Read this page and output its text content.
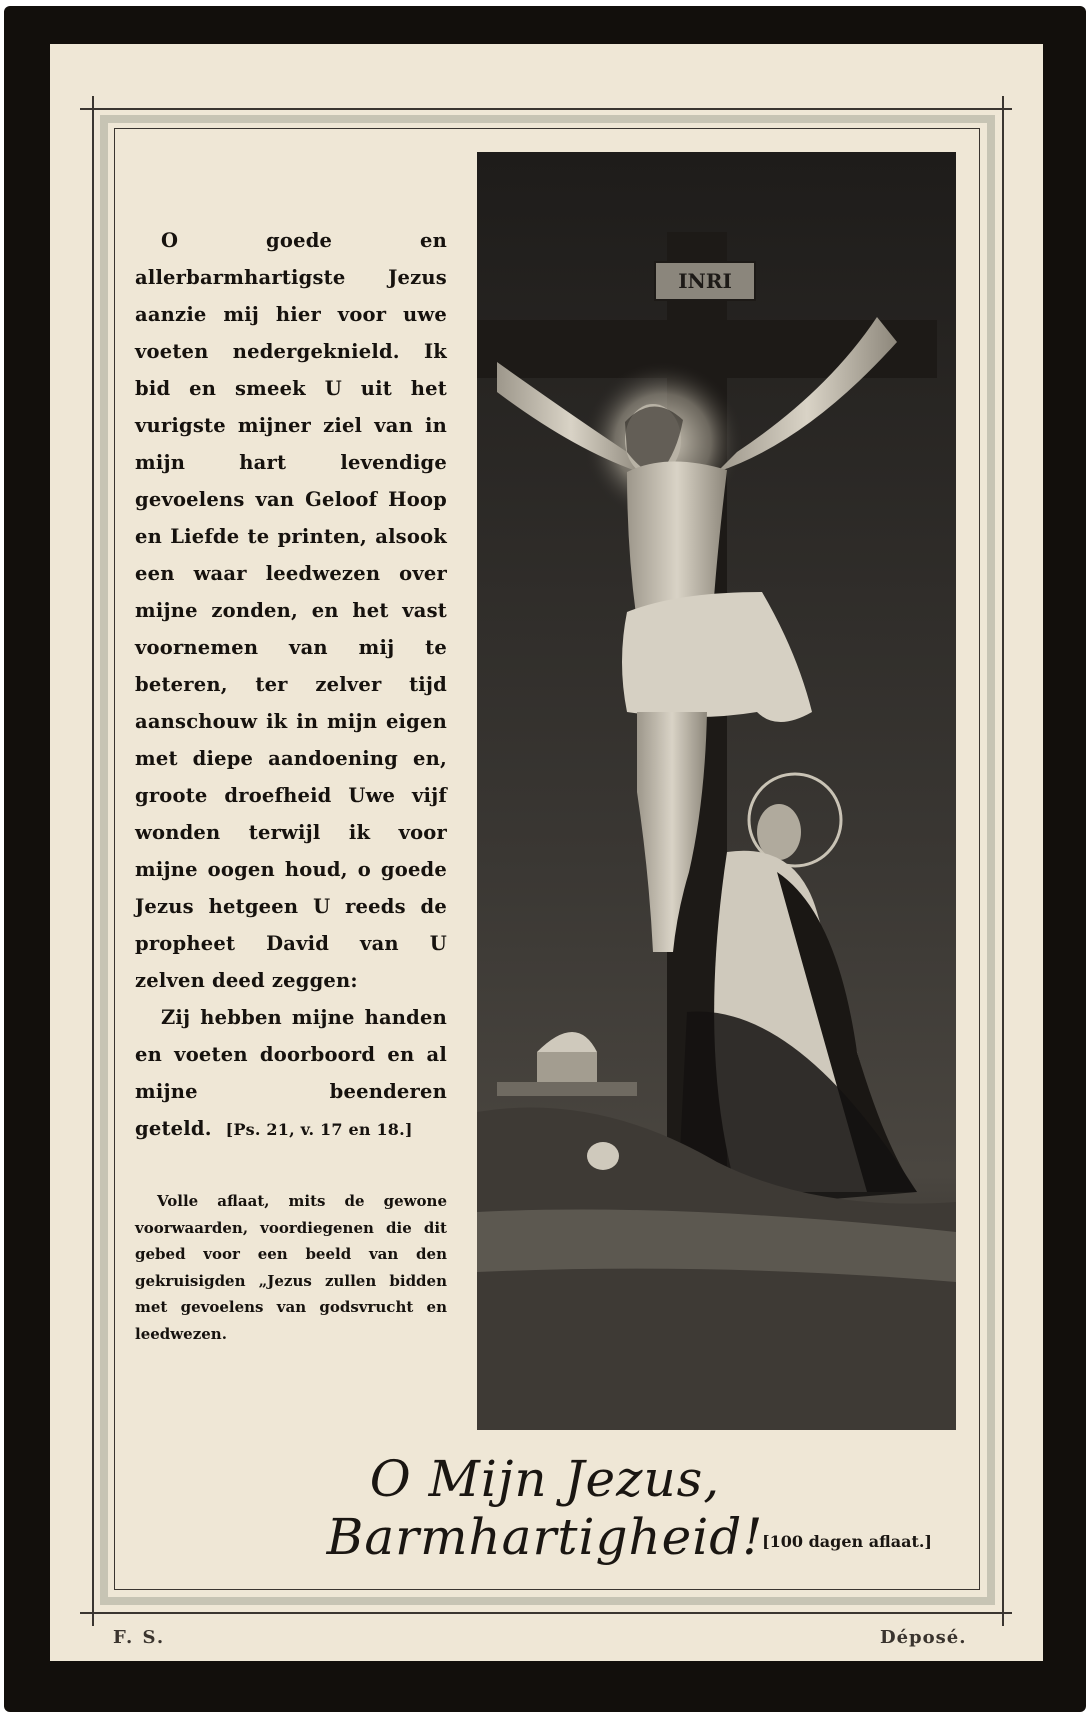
O goede en allerbarmhartigste Jezus aanzie mij hier voor uwe voeten nedergeknield. Ik bid en smeek U uit het vurigste mijner ziel van in mijn hart levendige gevoelens van Geloof Hoop en Liefde te printen, alsook een waar leedwezen over mijne zonden, en het vast voornemen van mij te beteren, ter zelver tijd aanschouw ik in mijn eigen met diepe aandoening en, groote droefheid Uwe vijf wonden terwijl ik voor mijne oogen houd, o goede Jezus hetgeen U reeds de propheet David van U zelven deed zeggen:

Zij hebben mijne handen en voeten doorboord en al mijne beenderen geteld. [Ps. 21, v. 17 en 18.]

Volle aflaat, mits de gewone voorwaarden, voordiegenen die dit gebed voor een beeld van den gekruisigden „Jezus zullen bidden met gevoelens van godsvrucht en leedwezen.

INRI
O Mijn Jezus, Barmhartigheid!
[100 dagen aflaat.]
F. S.	Déposé.
